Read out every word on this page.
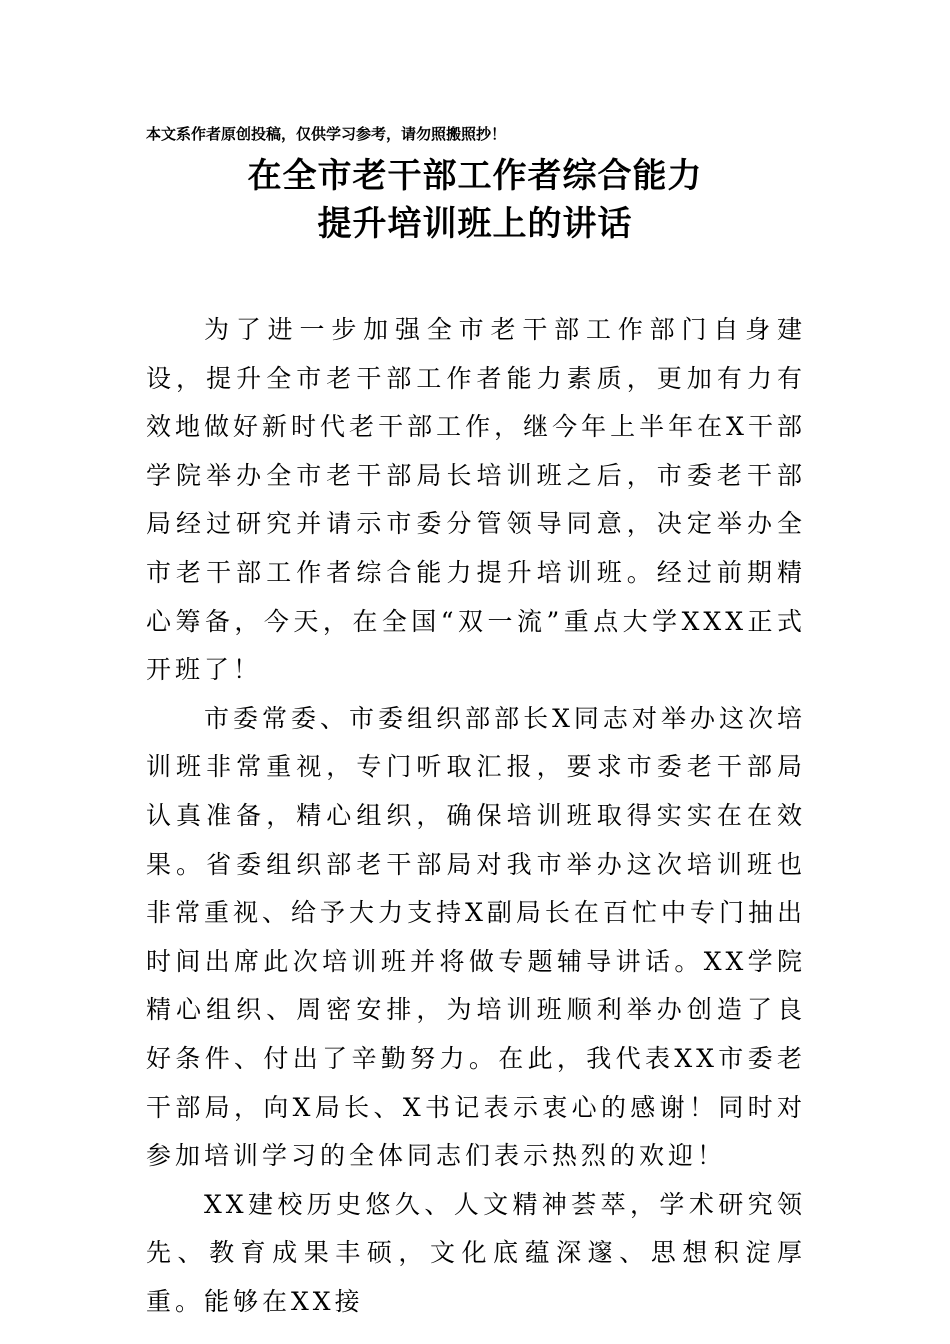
本文系作者原创投稿，仅供学习参考，请勿照搬照抄！
在全市老干部工作者综合能力
提升培训班上的讲话

为了进一步加强全市老干部工作部门自身建设，提升全市老干部工作者能力素质，更加有力有效地做好新时代老干部工作，继今年上半年在X干部学院举办全市老干部局长培训班之后，市委老干部局经过研究并请示市委分管领导同意，决定举办全市老干部工作者综合能力提升培训班。经过前期精心筹备，今天，在全国“双一流”重点大学XXX正式开班了！

市委常委、市委组织部部长X同志对举办这次培训班非常重视，专门听取汇报，要求市委老干部局认真准备，精心组织，确保培训班取得实实在在效果。省委组织部老干部局对我市举办这次培训班也非常重视、给予大力支持X副局长在百忙中专门抽出时间出席此次培训班并将做专题辅导讲话。XX学院精心组织、周密安排，为培训班顺利举办创造了良好条件、付出了辛勤努力。在此，我代表XX市委老干部局，向X局长、X书记表示衷心的感谢！同时对参加培训学习的全体同志们表示热烈的欢迎！

XX建校历史悠久、人文精神荟萃，学术研究领先、教育成果丰硕，文化底蕴深邃、思想积淀厚重。能够在XX接
